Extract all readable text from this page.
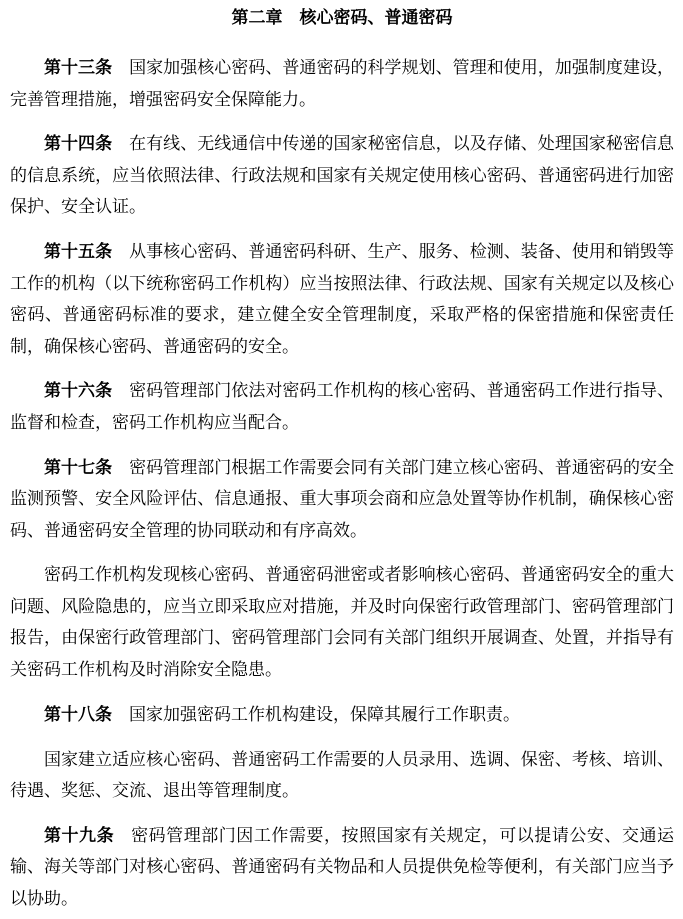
第二章 核心密码、普通密码

第十三条 国家加强核心密码、普通密码的科学规划、管理和使用，加强制度建设，完善管理措施，增强密码安全保障能力。

第十四条 在有线、无线通信中传递的国家秘密信息，以及存储、处理国家秘密信息的信息系统，应当依照法律、行政法规和国家有关规定使用核心密码、普通密码进行加密保护、安全认证。

第十五条 从事核心密码、普通密码科研、生产、服务、检测、装备、使用和销毁等工作的机构（以下统称密码工作机构）应当按照法律、行政法规、国家有关规定以及核心密码、普通密码标准的要求，建立健全安全管理制度，采取严格的保密措施和保密责任制，确保核心密码、普通密码的安全。

第十六条 密码管理部门依法对密码工作机构的核心密码、普通密码工作进行指导、监督和检查，密码工作机构应当配合。

第十七条 密码管理部门根据工作需要会同有关部门建立核心密码、普通密码的安全监测预警、安全风险评估、信息通报、重大事项会商和应急处置等协作机制，确保核心密码、普通密码安全管理的协同联动和有序高效。

密码工作机构发现核心密码、普通密码泄密或者影响核心密码、普通密码安全的重大问题、风险隐患的，应当立即采取应对措施，并及时向保密行政管理部门、密码管理部门报告，由保密行政管理部门、密码管理部门会同有关部门组织开展调查、处置，并指导有关密码工作机构及时消除安全隐患。

第十八条 国家加强密码工作机构建设，保障其履行工作职责。

国家建立适应核心密码、普通密码工作需要的人员录用、选调、保密、考核、培训、待遇、奖惩、交流、退出等管理制度。

第十九条 密码管理部门因工作需要，按照国家有关规定，可以提请公安、交通运输、海关等部门对核心密码、普通密码有关物品和人员提供免检等便利，有关部门应当予以协助。
